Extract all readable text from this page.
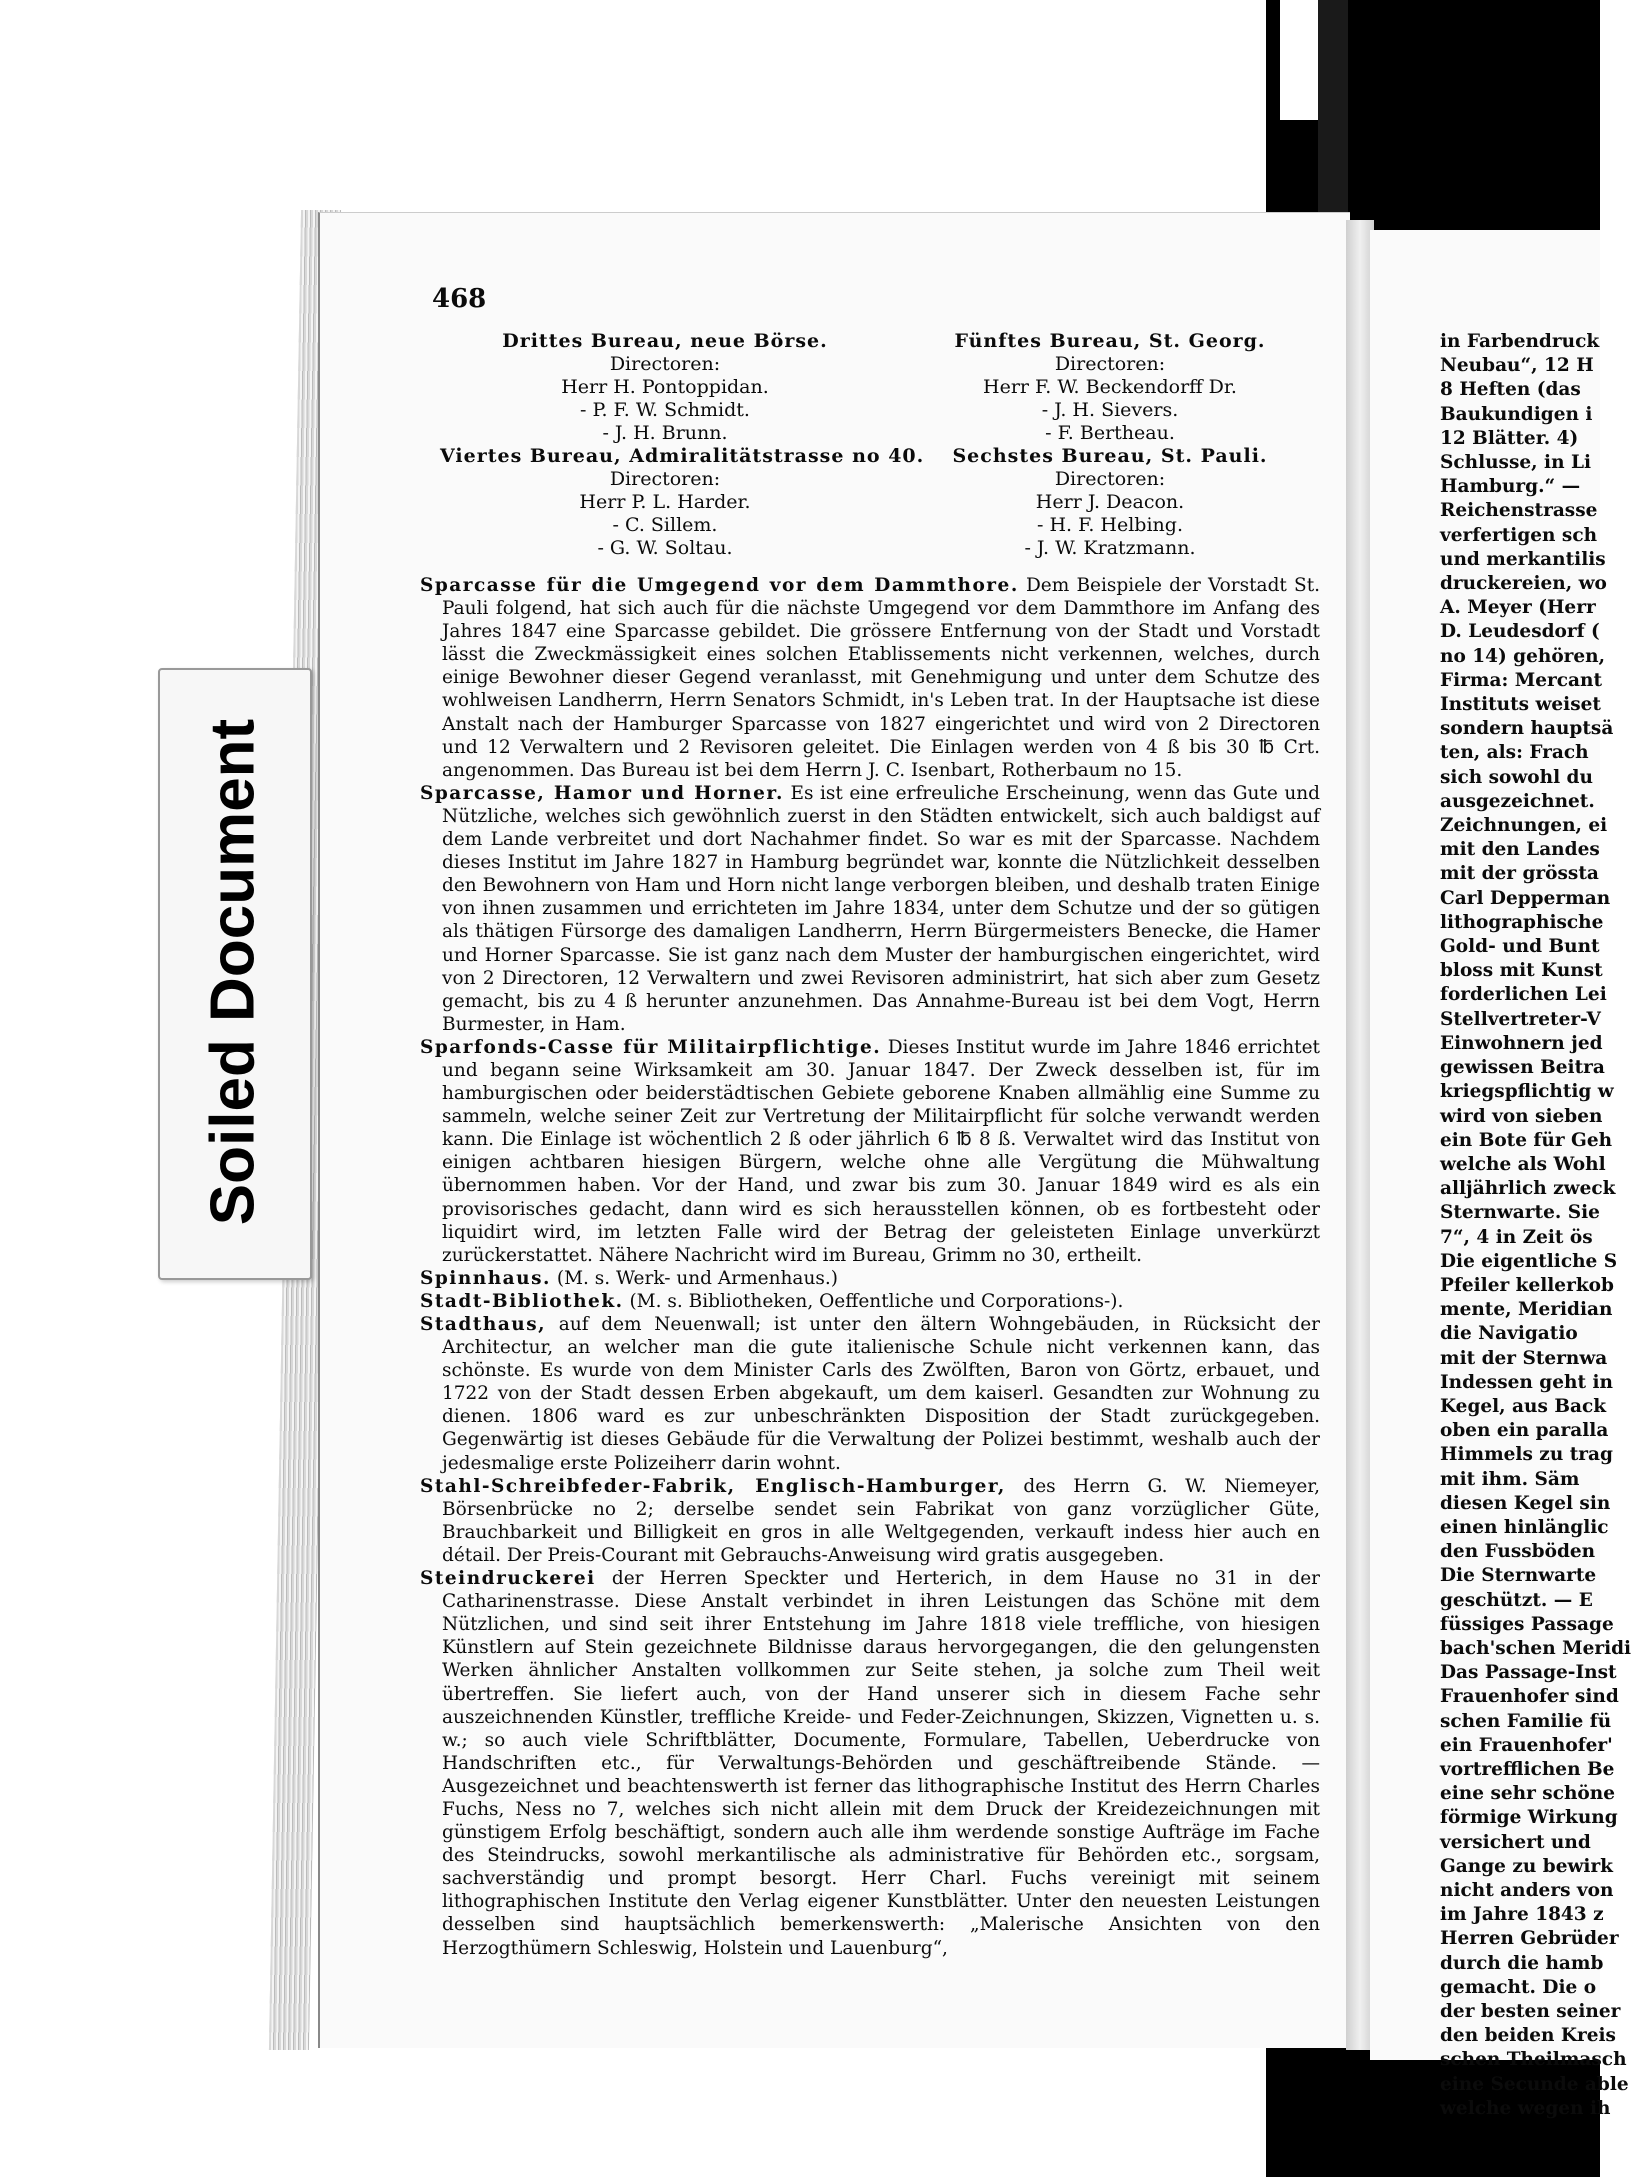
in Farbendruck
Neubau“, 12 H
8 Heften (das
Baukundigen i
12 Blätter. 4)
Schlusse, in Li
Hamburg.“ —
Reichenstrasse
verfertigen sch
und merkantilis
druckereien, wo
A. Meyer (Herr
D. Leudesdorf (
no 14) gehören,
Firma: Mercant
Instituts weiset
sondern hauptsä
ten, als: Frach
sich sowohl du
ausgezeichnet.
Zeichnungen, ei
mit den Landes
mit der grössta
Carl Depperman
lithographische
Gold- und Bunt
bloss mit Kunst
forderlichen Lei
Stellvertreter-V
Einwohnern jed
gewissen Beitra
kriegspflichtig w
wird von sieben
ein Bote für Geh
welche als Wohl
alljährlich zweck
Sternwarte. Sie
7“, 4 in Zeit ös
Die eigentliche S
Pfeiler kellerkob
mente, Meridian
die Navigatio
mit der Sternwa
Indessen geht in
Kegel, aus Back
oben ein paralla
Himmels zu trag
mit ihm. Säm
diesen Kegel sin
einen hinlänglic
den Fussböden
Die Sternwarte
geschützt. — E
füssiges Passage
bach'schen Meridi
Das Passage-Inst
Frauenhofer sind
schen Familie fü
ein Frauenhofer'
vortrefflichen Be
eine sehr schöne
förmige Wirkung
versichert und
Gange zu bewirk
nicht anders von
im Jahre 1843 z
Herren Gebrüder
durch die hamb
gemacht. Die o
der besten seiner
den beiden Kreis
schen Theilmasch
eine Secunde able
welche wegen ih
Soiled Document
468
Drittes Bureau, neue Börse.
Directoren:
Herr H. Pontoppidan.
- P. F. W. Schmidt.
- J. H. Brunn.
Viertes Bureau, Admiralitätstrasse no 40.
Directoren:
Herr P. L. Harder.
- C. Sillem.
- G. W. Soltau.
Fünftes Bureau, St. Georg.
Directoren:
Herr F. W. Beckendorff Dr.
- J. H. Sievers.
- F. Bertheau.
Sechstes Bureau, St. Pauli.
Directoren:
Herr J. Deacon.
- H. F. Helbing.
- J. W. Kratzmann.

Sparcasse für die Umgegend vor dem Dammthore. Dem Beispiele der Vorstadt St. Pauli folgend, hat sich auch für die nächste Umgegend vor dem Dammthore im Anfang des Jahres 1847 eine Sparcasse gebildet. Die grössere Entfernung von der Stadt und Vorstadt lässt die Zweckmässigkeit eines solchen Etablissements nicht verkennen, welches, durch einige Bewohner dieser Gegend veranlasst, mit Genehmigung und unter dem Schutze des wohlweisen Landherrn, Herrn Senators Schmidt, in's Leben trat. In der Hauptsache ist diese Anstalt nach der Hamburger Sparcasse von 1827 eingerichtet und wird von 2 Directoren und 12 Verwaltern und 2 Revisoren geleitet. Die Einlagen werden von 4 ß bis 30 ℔ Crt. angenommen. Das Bureau ist bei dem Herrn J. C. Isenbart, Rotherbaum no 15.

Sparcasse, Hamor und Horner. Es ist eine erfreuliche Erscheinung, wenn das Gute und Nützliche, welches sich gewöhnlich zuerst in den Städten entwickelt, sich auch baldigst auf dem Lande verbreitet und dort Nachahmer findet. So war es mit der Sparcasse. Nachdem dieses Institut im Jahre 1827 in Hamburg begründet war, konnte die Nützlichkeit desselben den Bewohnern von Ham und Horn nicht lange verborgen bleiben, und deshalb traten Einige von ihnen zusammen und errichteten im Jahre 1834, unter dem Schutze und der so gütigen als thätigen Fürsorge des damaligen Landherrn, Herrn Bürgermeisters Benecke, die Hamer und Horner Sparcasse. Sie ist ganz nach dem Muster der hamburgischen eingerichtet, wird von 2 Directoren, 12 Verwaltern und zwei Revisoren administrirt, hat sich aber zum Gesetz gemacht, bis zu 4 ß herunter anzunehmen. Das Annahme-Bureau ist bei dem Vogt, Herrn Burmester, in Ham.

Sparfonds-Casse für Militairpflichtige. Dieses Institut wurde im Jahre 1846 errichtet und begann seine Wirksamkeit am 30. Januar 1847. Der Zweck desselben ist, für im hamburgischen oder beiderstädtischen Gebiete geborene Knaben allmählig eine Summe zu sammeln, welche seiner Zeit zur Vertretung der Militairpflicht für solche verwandt werden kann. Die Einlage ist wöchentlich 2 ß oder jährlich 6 ℔ 8 ß. Verwaltet wird das Institut von einigen achtbaren hiesigen Bürgern, welche ohne alle Vergütung die Mühwaltung übernommen haben. Vor der Hand, und zwar bis zum 30. Januar 1849 wird es als ein provisorisches gedacht, dann wird es sich herausstellen können, ob es fortbesteht oder liquidirt wird, im letzten Falle wird der Betrag der geleisteten Einlage unverkürzt zurückerstattet. Nähere Nachricht wird im Bureau, Grimm no 30, ertheilt.

Spinnhaus. (M. s. Werk- und Armenhaus.)

Stadt-Bibliothek. (M. s. Bibliotheken, Oeffentliche und Corporations-).

Stadthaus, auf dem Neuenwall; ist unter den ältern Wohngebäuden, in Rücksicht der Architectur, an welcher man die gute italienische Schule nicht verkennen kann, das schönste. Es wurde von dem Minister Carls des Zwölften, Baron von Görtz, erbauet, und 1722 von der Stadt dessen Erben abgekauft, um dem kaiserl. Gesandten zur Wohnung zu dienen. 1806 ward es zur unbeschränkten Disposition der Stadt zurückgegeben. Gegenwärtig ist dieses Gebäude für die Verwaltung der Polizei bestimmt, weshalb auch der jedesmalige erste Polizeiherr darin wohnt.

Stahl-Schreibfeder-Fabrik, Englisch-Hamburger, des Herrn G. W. Niemeyer, Börsenbrücke no 2; derselbe sendet sein Fabrikat von ganz vorzüglicher Güte, Brauchbarkeit und Billigkeit en gros in alle Weltgegenden, verkauft indess hier auch en détail. Der Preis-Courant mit Gebrauchs-Anweisung wird gratis ausgegeben.

Steindruckerei der Herren Speckter und Herterich, in dem Hause no 31 in der Catharinenstrasse. Diese Anstalt verbindet in ihren Leistungen das Schöne mit dem Nützlichen, und sind seit ihrer Entstehung im Jahre 1818 viele treffliche, von hiesigen Künstlern auf Stein gezeichnete Bildnisse daraus hervorgegangen, die den gelungensten Werken ähnlicher Anstalten vollkommen zur Seite stehen, ja solche zum Theil weit übertreffen. Sie liefert auch, von der Hand unserer sich in diesem Fache sehr auszeichnenden Künstler, treffliche Kreide- und Feder-Zeichnungen, Skizzen, Vignetten u. s. w.; so auch viele Schriftblätter, Documente, Formulare, Tabellen, Ueberdrucke von Handschriften etc., für Verwaltungs-Behörden und geschäftreibende Stände. — Ausgezeichnet und beachtenswerth ist ferner das lithographische Institut des Herrn Charles Fuchs, Ness no 7, welches sich nicht allein mit dem Druck der Kreidezeichnungen mit günstigem Erfolg beschäftigt, sondern auch alle ihm werdende sonstige Aufträge im Fache des Steindrucks, sowohl merkantilische als administrative für Behörden etc., sorgsam, sachverständig und prompt besorgt. Herr Charl. Fuchs vereinigt mit seinem lithographischen Institute den Verlag eigener Kunstblätter. Unter den neuesten Leistungen desselben sind hauptsächlich bemerkenswerth: „Malerische Ansichten von den Herzogthümern Schleswig, Holstein und Lauenburg“,
